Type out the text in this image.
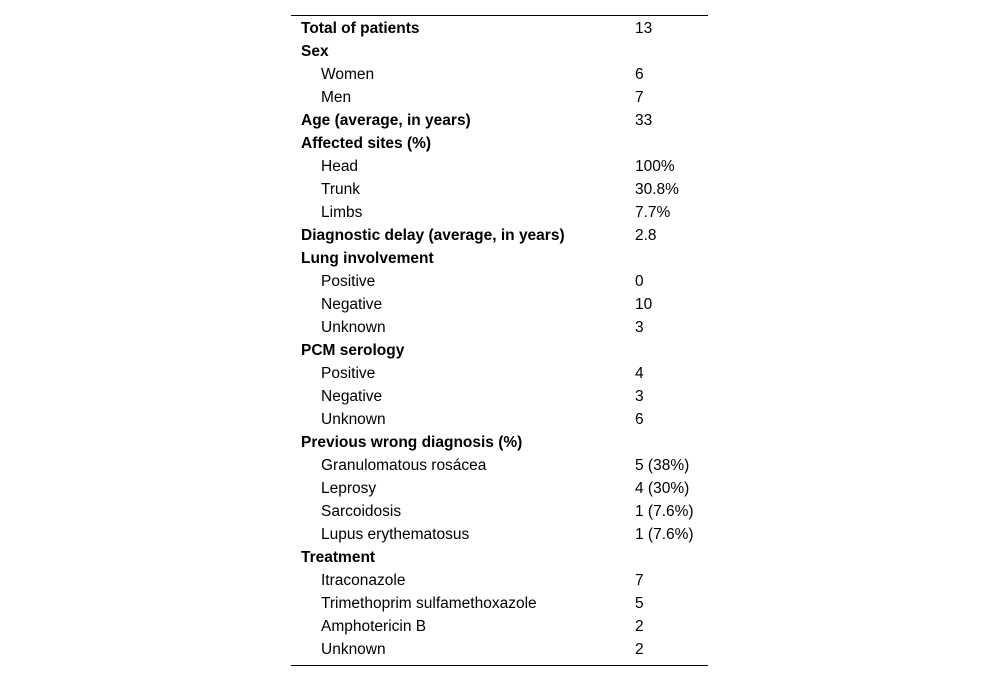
Total of patients	13
Sex	
Women	6
Men	7
Age (average, in years)	33
Affected sites (%)	
Head	100%
Trunk	30.8%
Limbs	7.7%
Diagnostic delay (average, in years)	2.8
Lung involvement	
Positive	0
Negative	10
Unknown	3
PCM serology	
Positive	4
Negative	3
Unknown	6
Previous wrong diagnosis (%)	
Granulomatous rosácea	5 (38%)
Leprosy	4 (30%)
Sarcoidosis	1 (7.6%)
Lupus erythematosus	1 (7.6%)
Treatment	
Itraconazole	7
Trimethoprim sulfamethoxazole	5
Amphotericin B	2
Unknown	2
